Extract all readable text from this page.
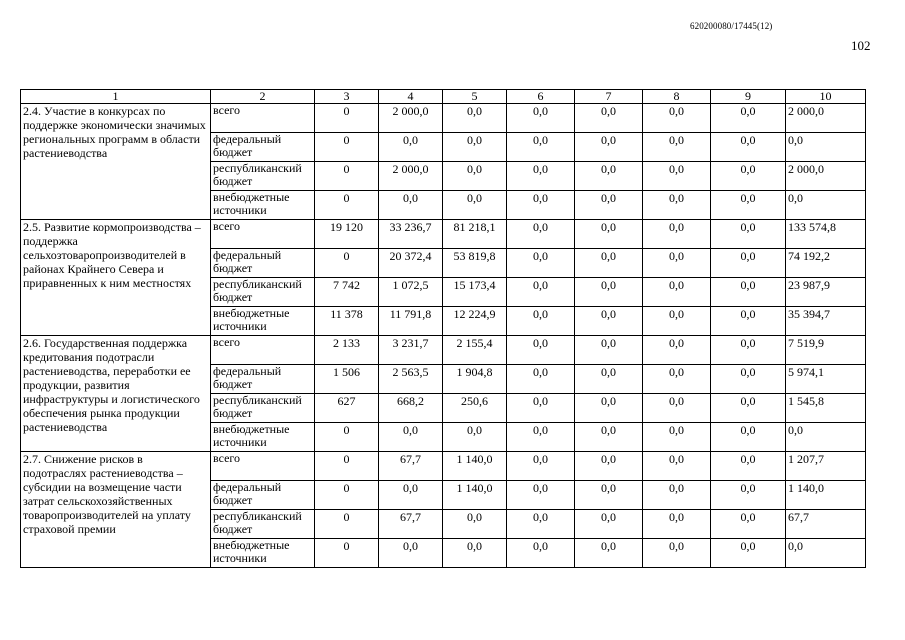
620200080/17445(12)
102
1	2	3	4	5	6	7	8	9	10
2.4. Участие в конкурсах по поддержке экономически значимых региональных программ в области растениеводства	всего	0	2 000,0	0,0	0,0	0,0	0,0	0,0	2 000,0
	федеральный бюджет	0	0,0	0,0	0,0	0,0	0,0	0,0	0,0
	республиканский бюджет	0	2 000,0	0,0	0,0	0,0	0,0	0,0	2 000,0
	внебюджетные источники	0	0,0	0,0	0,0	0,0	0,0	0,0	0,0
2.5. Развитие кормопроизводства – поддержка сельхозтоваропроизводителей в районах Крайнего Севера и приравненных к ним местностях	всего	19 120	33 236,7	81 218,1	0,0	0,0	0,0	0,0	133 574,8
	федеральный бюджет	0	20 372,4	53 819,8	0,0	0,0	0,0	0,0	74 192,2
	республиканский бюджет	7 742	1 072,5	15 173,4	0,0	0,0	0,0	0,0	23 987,9
	внебюджетные источники	11 378	11 791,8	12 224,9	0,0	0,0	0,0	0,0	35 394,7
2.6. Государственная поддержка кредитования подотрасли растениеводства, переработки ее продукции, развития инфраструктуры и логистического обеспечения рынка продукции растениеводства	всего	2 133	3 231,7	2 155,4	0,0	0,0	0,0	0,0	7 519,9
	федеральный бюджет	1 506	2 563,5	1 904,8	0,0	0,0	0,0	0,0	5 974,1
	республиканский бюджет	627	668,2	250,6	0,0	0,0	0,0	0,0	1 545,8
	внебюджетные источники	0	0,0	0,0	0,0	0,0	0,0	0,0	0,0
2.7. Снижение рисков в подотраслях растениеводства – субсидии на возмещение части затрат сельскохозяйственных товаропроизводителей на уплату страховой премии	всего	0	67,7	1 140,0	0,0	0,0	0,0	0,0	1 207,7
	федеральный бюджет	0	0,0	1 140,0	0,0	0,0	0,0	0,0	1 140,0
	республиканский бюджет	0	67,7	0,0	0,0	0,0	0,0	0,0	67,7
	внебюджетные источники	0	0,0	0,0	0,0	0,0	0,0	0,0	0,0
